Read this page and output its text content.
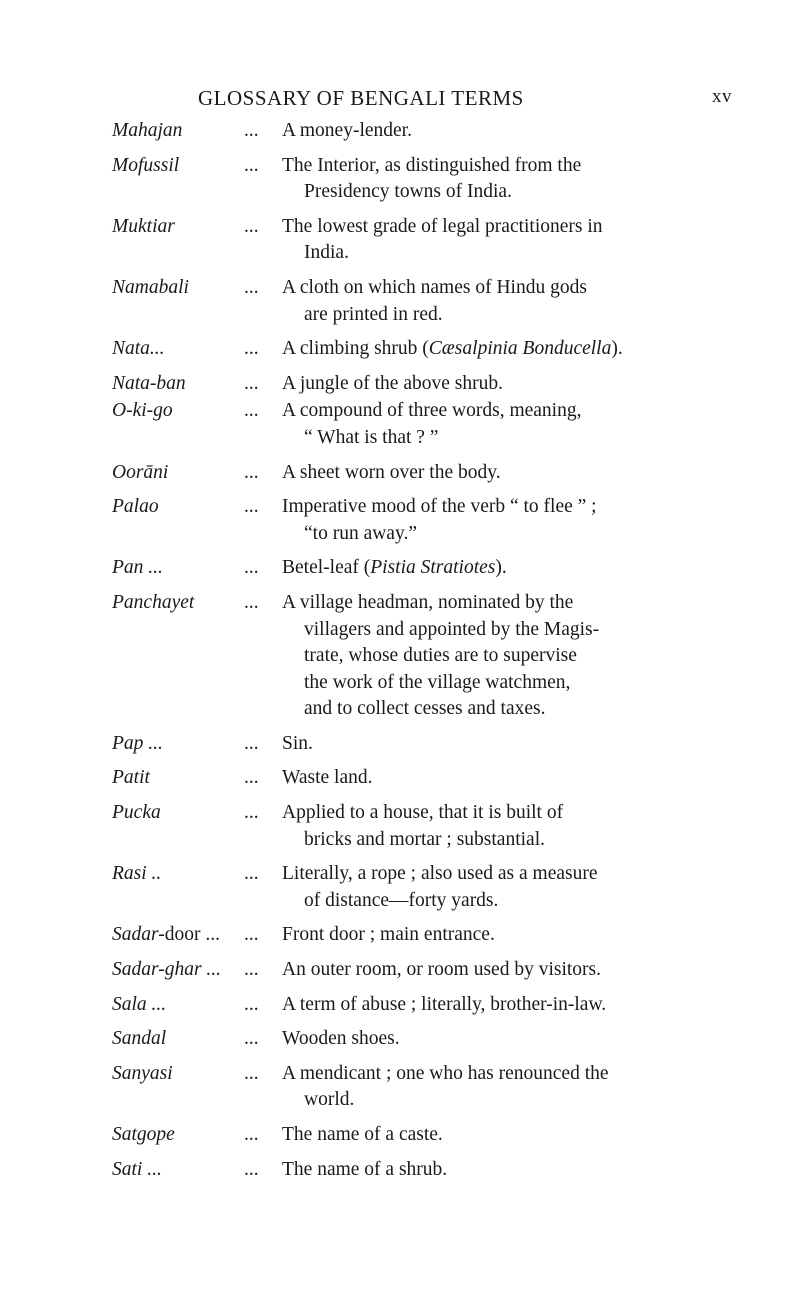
GLOSSARY OF BENGALI TERMS	xv
Mahajan	...	A money-lender.
Mofussil	...	The Interior, as distinguished from the
Presidency towns of India.
Muktiar	...	The lowest grade of legal practitioners in
India.
Namabali	...	A cloth on which names of Hindu gods
are printed in red.
Nata...	...	A climbing shrub (Cæsalpinia Bonducella).
Nata-ban	...	A jungle of the above shrub.
O-ki-go	...	A compound of three words, meaning,
“ What is that ? ”
Oorāni	...	A sheet worn over the body.
Palao	...	Imperative mood of the verb “ to flee ” ;
“to run away.”
Pan ...	...	Betel-leaf (Pistia Stratiotes).
Panchayet	...	A village headman, nominated by the
villagers and appointed by the Magis-
trate, whose duties are to supervise
the work of the village watchmen,
and to collect cesses and taxes.
Pap ...	...	Sin.
Patit	...	Waste land.
Pucka	...	Applied to a house, that it is built of
bricks and mortar ; substantial.
Rasi ..	...	Literally, a rope ; also used as a measure
of distance—forty yards.
Sadar-door ...	...	Front door ; main entrance.
Sadar-ghar ...	...	An outer room, or room used by visitors.
Sala ...	...	A term of abuse ; literally, brother-in-law.
Sandal	...	Wooden shoes.
Sanyasi	...	A mendicant ; one who has renounced the
world.
Satgope	...	The name of a caste.
Sati ...	...	The name of a shrub.
